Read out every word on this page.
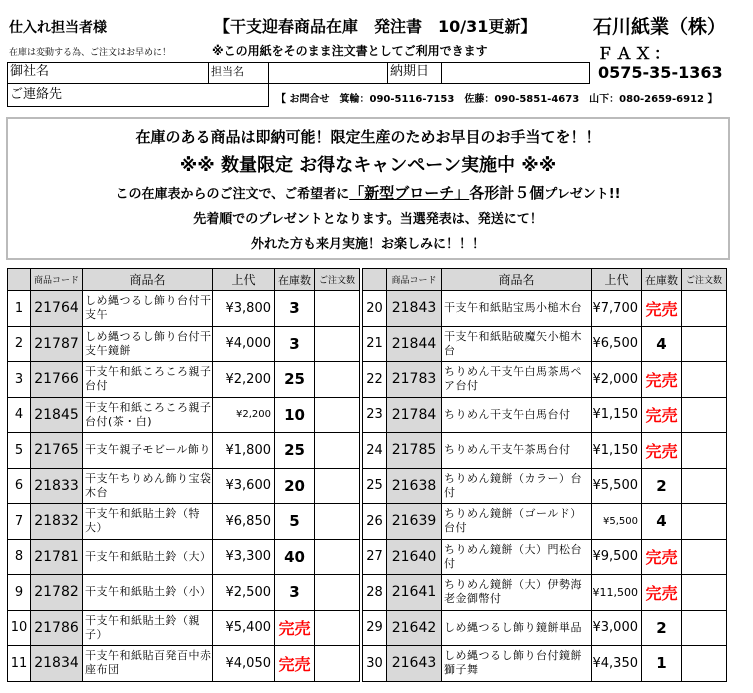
仕入れ担当者様
在庫は変動する為、ご注文はお早めに！
【干支迎春商品在庫　発注書　10/31更新】
※この用紙をそのまま注文書としてご利用できます
石川紙業（株）
ＦＡＸ：
0575-35-1363
御社名	担当名	納期日
ご連絡先	【 お問合せ　箕輪：090-5116-7153　佐藤：090-5851-4673　山下：080-2659-6912 】
在庫のある商品は即納可能！限定生産のためお早目のお手当てを！！
※※ 数量限定 お得なキャンペーン実施中 ※※
この在庫表からのご注文で、ご希望者に「新型ブローチ」各形計５個プレゼント!!
先着順でのプレゼントとなります。当選発表は、発送にて！
外れた方も来月実施！お楽しみに！！！
	商品コード	商品名	上代	在庫数	ご注文数
1	21764	しめ縄つるし飾り台付干支午	¥3,800	3	
2	21787	しめ縄つるし飾り台付干支午鏡餅	¥4,000	3	
3	21766	干支午和紙ころころ親子台付	¥2,200	25	
4	21845	干支午和紙ころころ親子台付(茶・白)	¥2,200	10	
5	21765	干支午親子モビール飾り	¥1,800	25	
6	21833	干支午ちりめん飾り宝袋木台	¥3,600	20	
7	21832	干支午和紙貼土鈴（特大）	¥6,850	5	
8	21781	干支午和紙貼土鈴（大）	¥3,300	40	
9	21782	干支午和紙貼土鈴（小）	¥2,500	3	
10	21786	干支午和紙貼土鈴（親子）	¥5,400	完売	
11	21834	干支午和紙貼百発百中赤座布団	¥4,050	完売	
	商品コード	商品名	上代	在庫数	ご注文数
20	21843	干支午和紙貼宝馬小槌木台	¥7,700	完売	
21	21844	干支午和紙貼破魔矢小槌木台	¥6,500	4	
22	21783	ちりめん干支午白馬茶馬ペア台付	¥2,000	完売	
23	21784	ちりめん干支午白馬台付	¥1,150	完売	
24	21785	ちりめん干支午茶馬台付	¥1,150	完売	
25	21638	ちりめん鏡餅（カラー）台付	¥5,500	2	
26	21639	ちりめん鏡餅（ゴールド）台付	¥5,500	4	
27	21640	ちりめん鏡餅（大）門松台付	¥9,500	完売	
28	21641	ちりめん鏡餅（大）伊勢海老金御幣付	¥11,500	完売	
29	21642	しめ縄つるし飾り鏡餅単品	¥3,000	2	
30	21643	しめ縄つるし飾り台付鏡餅獅子舞	¥4,350	1	
